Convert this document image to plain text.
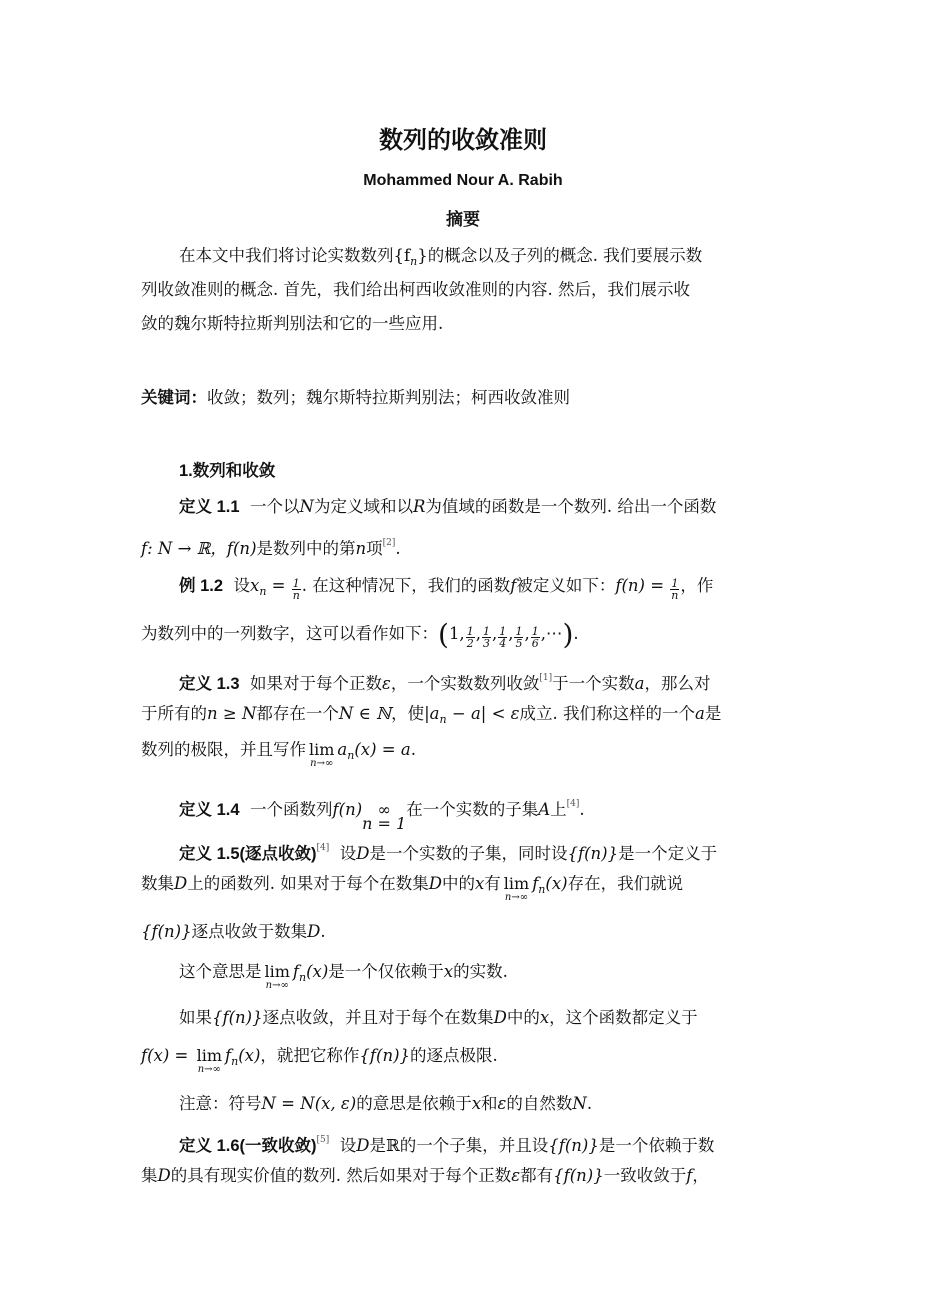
数列的收敛准则
Mohammed Nour A. Rabih
摘要
在本文中我们将讨论实数数列$\{f_n\}$的概念以及子列的概念. 我们要展示数
列收敛准则的概念. 首先，我们给出柯西收敛准则的内容. 然后，我们展示收
敛的魏尔斯特拉斯判别法和它的一些应用.
关键词：收敛；数列；魏尔斯特拉斯判别法；柯西收敛准则
1.数列和收敛
定义 1.1 一个以N为定义域和以R为值域的函数是一个数列. 给出一个函数
f: N → ℝ，f(n)是数列中的第n项[2].
例 1.2 设$x_n = \frac{1}{n}$ . 在这种情况下，我们的函数f被定义如下：$f(n) = \frac{1}{n}$ ，作
为数列中的一列数字，这可以看作如下：(1, $\frac{1}{2}$ , $\frac{1}{3}$ , $\frac{1}{4}$ , $\frac{1}{5}$ , $\frac{1}{6}$ ,⋯).
定义 1.3 如果对于每个正数ε，一个实数数列收敛[1]于一个实数a，那么对
于所有的n ≥ N都存在一个N ∈ ℕ，使$|a_n - a| < \varepsilon$成立. 我们称这样的一个a是
数列的极限，并且写作 lim
n→∞
$a_n(x) = a$.
定义 1.4 一个函数列f(n) ∞
n = 1
在一个实数的子集A上[4].
定义 1.5(逐点收敛)[4] 设D是一个实数的子集，同时设{f(n)}是一个定义于
数集D上的函数列. 如果对于每个在数集D中的x有 lim
n→∞
$f_n(x)$存在，我们就说
{f(n)}逐点收敛于数集D.
这个意思是 lim
n→∞
$f_n(x)$是一个仅依赖于x的实数.
如果{f(n)}逐点收敛，并且对于每个在数集D中的x，这个函数都定义于
f(x) = lim
n→∞
$f_n(x)$，就把它称作{f(n)}的逐点极限.
注意：符号N = N(x, ε)的意思是依赖于x和ε的自然数N.
定义 1.6(一致收敛)[5] 设D是ℝ的一个子集，并且设{f(n)}是一个依赖于数
集D的具有现实价值的数列. 然后如果对于每个正数ε都有{f(n)}一致收敛于f，
